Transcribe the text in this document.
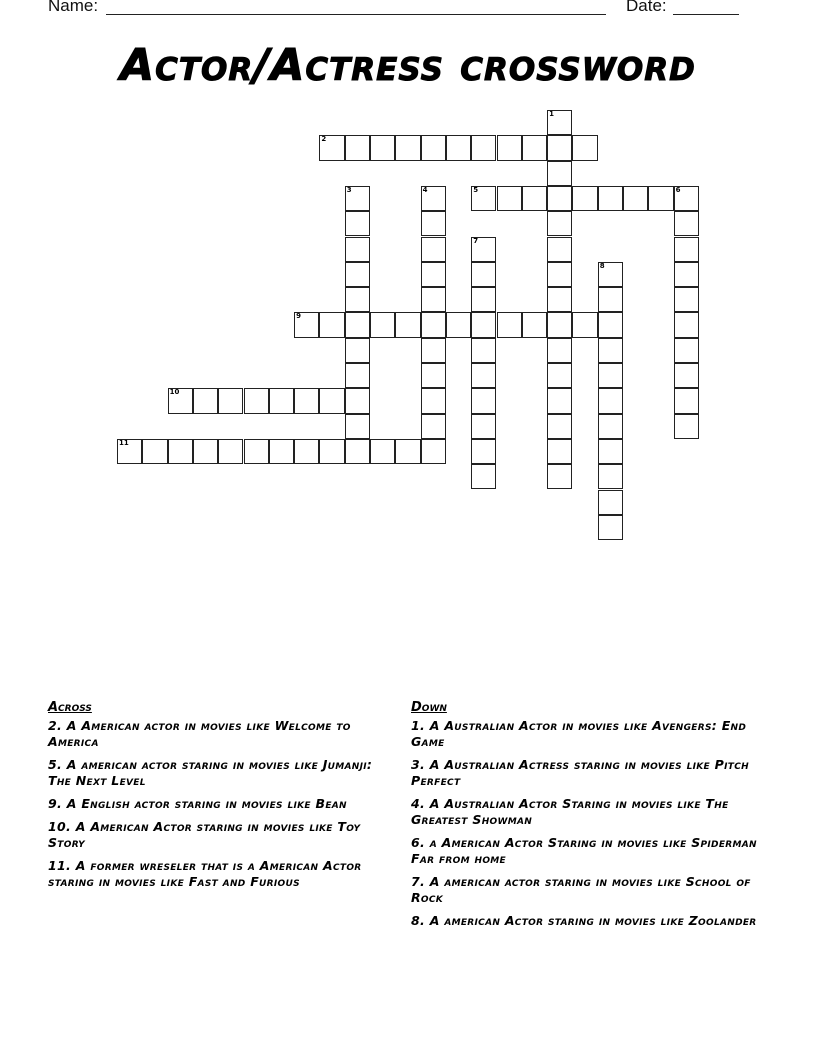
Name:	Date:
Actor/Actress crossword
1
2
3	4	5	6
7
8
9
10
11
Across
2. A American actor in movies like Welcome to America
5. A american actor staring in movies like Jumanji: The Next Level
9. A English actor staring in movies like Bean
10. A American Actor staring in movies like Toy Story
11. A former wreseler that is a American Actor staring in movies like Fast and Furious
Down
1. A Australian Actor in movies like Avengers: End Game
3. A Australian Actress staring in movies like Pitch Perfect
4. A Australian Actor Staring in movies like The Greatest Showman
6. a American Actor Staring in movies like Spiderman Far from home
7. A american actor staring in movies like School of Rock
8. A american Actor staring in movies like Zoolander
